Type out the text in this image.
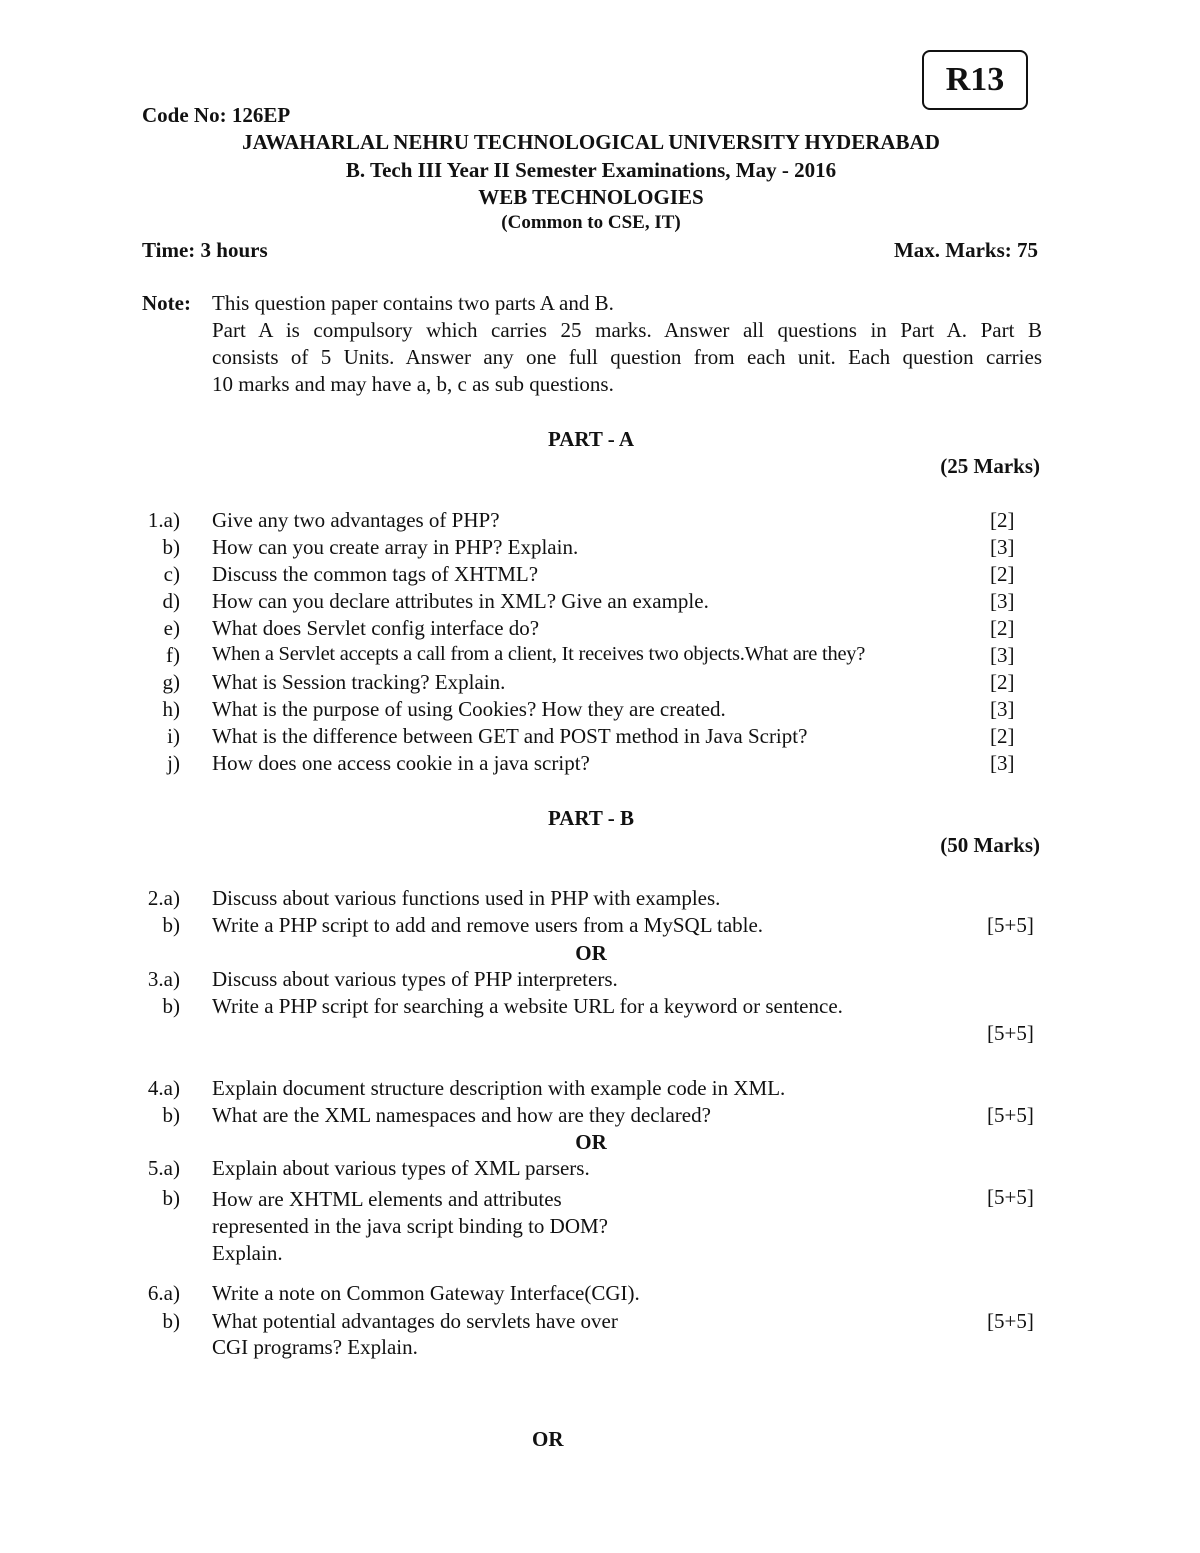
R13
Code No: 126EP
JAWAHARLAL NEHRU TECHNOLOGICAL UNIVERSITY HYDERABAD
B. Tech III Year II Semester Examinations, May - 2016
WEB TECHNOLOGIES
(Common to CSE, IT)
Time: 3 hours	Max. Marks: 75
Note: This question paper contains two parts A and B.
Part A is compulsory which carries 25 marks. Answer all questions in Part A. Part B
consists of 5 Units. Answer any one full question from each unit. Each question carries
10 marks and may have a, b, c as sub questions.
PART - A
(25 Marks)
1.a) Give any two advantages of PHP?	[2]
b) How can you create array in PHP? Explain.	[3]
c) Discuss the common tags of XHTML?	[2]
d) How can you declare attributes in XML? Give an example.	[3]
e) What does Servlet config interface do?	[2]
f) When a Servlet accepts a call from a client, It receives two objects.What are they?	[3]
g) What is Session tracking? Explain.	[2]
h) What is the purpose of using Cookies? How they are created.	[3]
i) What is the difference between GET and POST method in Java Script?	[2]
j) How does one access cookie in a java script?	[3]
PART - B
(50 Marks)
2.a) Discuss about various functions used in PHP with examples.
b) Write a PHP script to add and remove users from a MySQL table.	[5+5]
OR
3.a) Discuss about various types of PHP interpreters.
b) Write a PHP script for searching a website URL for a keyword or sentence.
[5+5]
4.a) Explain document structure description with example code in XML.
b) What are the XML namespaces and how are they declared?	[5+5]
OR
5.a) Explain about various types of XML parsers.
b) How are XHTML elements and attributes
represented in the java script binding to DOM?
Explain.
[5+5]
6.a) Write a note on Common Gateway Interface(CGI).
b) What potential advantages do servlets have over
CGI programs? Explain.
[5+5]
OR
